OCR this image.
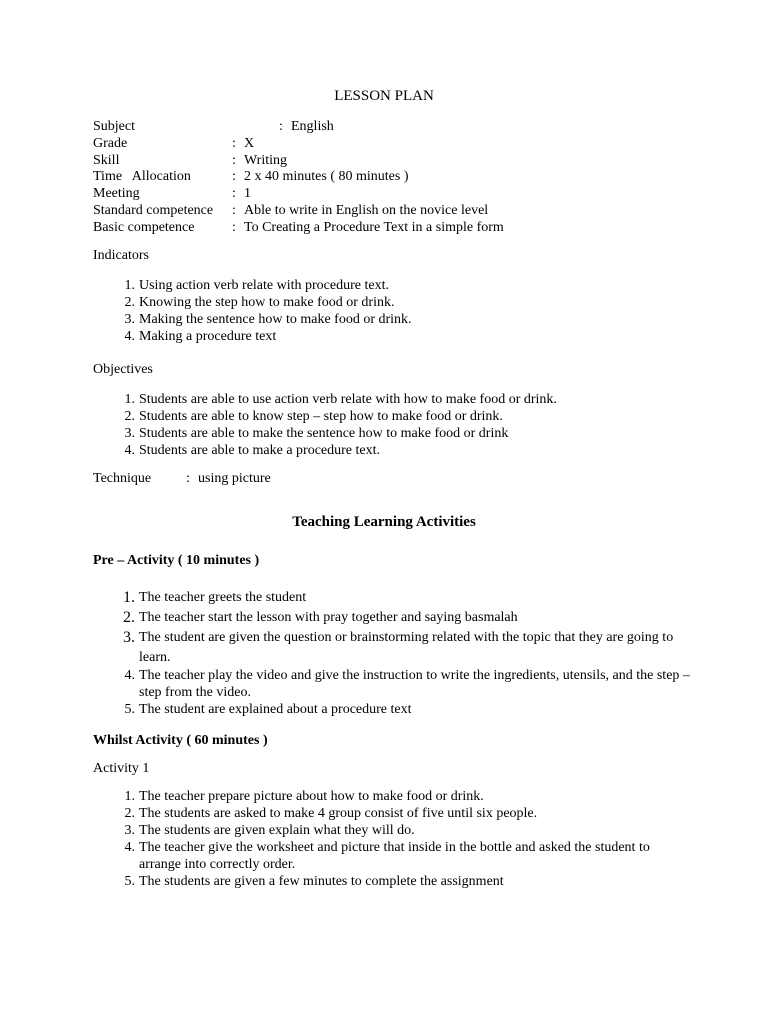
LESSON PLAN
Subject	: English
Grade	: X
Skill	: Writing
Time   Allocation	: 2 x 40 minutes ( 80 minutes )
Meeting	: 1
Standard competence : Able to write in English on the novice level
Basic competence	: To Creating a Procedure Text in a simple form
Indicators
1. Using action verb relate with procedure text.
2. Knowing the step how to make food or drink.
3. Making the sentence how to make food or drink.
4. Making a procedure text
Objectives
1. Students are able to use action verb relate with how to make food or drink.
2. Students are able to know step – step how to make food or drink.
3. Students are able to make the sentence how to make food or drink
4. Students are able to make a procedure text.
Technique : using picture
Teaching Learning Activities
Pre – Activity ( 10 minutes )
1. The teacher greets the student
2. The teacher start the lesson with pray together and saying basmalah
3. The student are given the question or brainstorming related with the topic that they are going to learn.
4. The teacher play the video and give the instruction to write the ingredients, utensils, and the step – step from the video.
5. The student are explained about a procedure text
Whilst Activity ( 60 minutes )
Activity 1
1. The teacher prepare picture about how to make food or drink.
2. The students are asked to make 4 group consist of five until six people.
3. The students are given explain what they will do.
4. The teacher give the worksheet and picture that inside in the bottle and asked the student to arrange into correctly order.
5. The students are given a few minutes to complete the assignment
